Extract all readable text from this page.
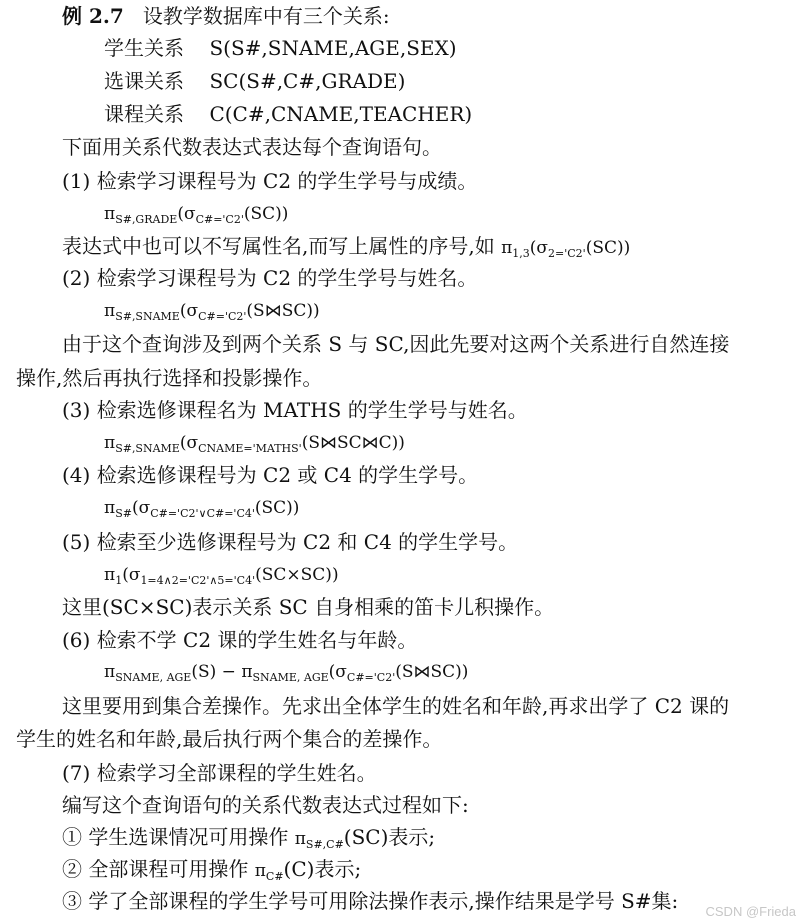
例 2.7 设教学数据库中有三个关系:
学生关系 S(S#,SNAME,AGE,SEX)
选课关系 SC(S#,C#,GRADE)
课程关系 C(C#,CNAME,TEACHER)
下面用关系代数表达式表达每个查询语句。
(1) 检索学习课程号为 C2 的学生学号与成绩。
$\pi_{S\#,GRADE}(\sigma_{C\#='C2'}(SC))$
表达式中也可以不写属性名,而写上属性的序号,如 $\pi_{1,3}(\sigma_{2='C2'}(SC))$
(2) 检索学习课程号为 C2 的学生学号与姓名。
$\pi_{S\#,SNAME}(\sigma_{C\#='C2'}(S⋈SC))$
由于这个查询涉及到两个关系 S 与 SC,因此先要对这两个关系进行自然连接
操作,然后再执行选择和投影操作。
(3) 检索选修课程名为 MATHS 的学生学号与姓名。
$\pi_{S\#,SNAME}(\sigma_{CNAME='MATHS'}(S⋈SC⋈C))$
(4) 检索选修课程号为 C2 或 C4 的学生学号。
$\pi_{S\#}(\sigma_{C\#='C2'\vee C\#='C4'}(SC))$
(5) 检索至少选修课程号为 C2 和 C4 的学生学号。
$\pi_1(\sigma_{1=4\wedge 2='C2'\wedge 5='C4'}(SC\times SC))$
这里(SC×SC)表示关系 SC 自身相乘的笛卡儿积操作。
(6) 检索不学 C2 课的学生姓名与年龄。
$\pi_{SNAME, AGE}(S)$ − $\pi_{SNAME, AGE}(\sigma_{C\#='C2'}(S⋈SC))$
这里要用到集合差操作。先求出全体学生的姓名和年龄,再求出学了 C2 课的
学生的姓名和年龄,最后执行两个集合的差操作。
(7) 检索学习全部课程的学生姓名。
编写这个查询语句的关系代数表达式过程如下:
① 学生选课情况可用操作 $\pi_{S\#,C\#}(SC)$表示;
② 全部课程可用操作 $\pi_{C\#}(C)$表示;
③ 学了全部课程的学生学号可用除法操作表示,操作结果是学号 S#集: CSDN @Frieda
